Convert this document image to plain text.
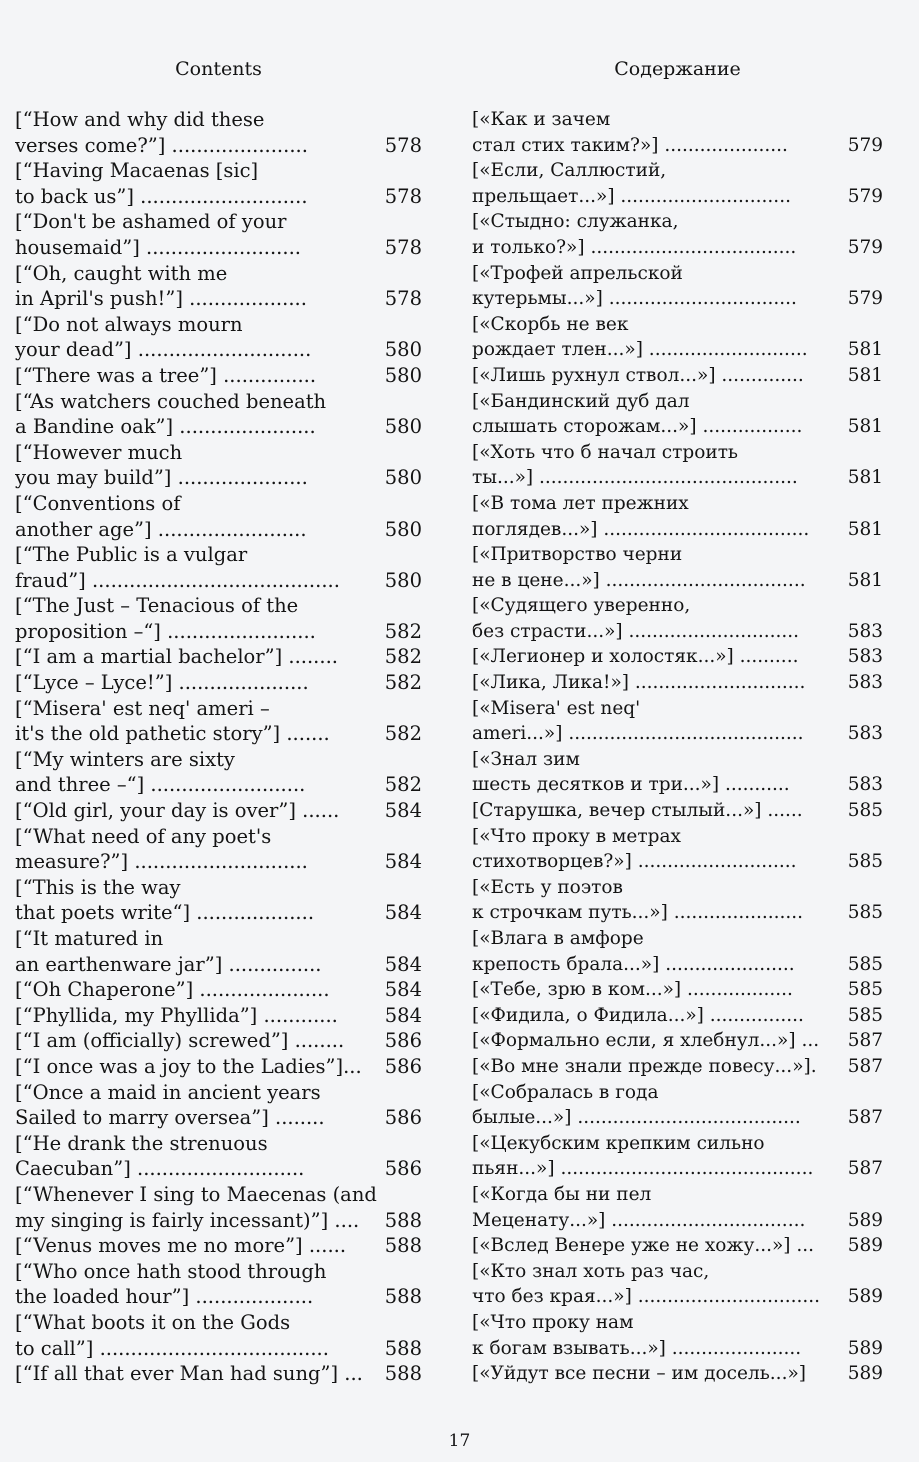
Contents
[“How and why did these
verses come?”] ......................	578
[“Having Macaenas [sic]
to back us”] ...........................	578
[“Don't be ashamed of your
housemaid”] .........................	578
[“Oh, caught with me
in April's push!”] ...................	578
[“Do not always mourn
your dead”] ............................	580
[“There was a tree”] ...............	580
[“As watchers couched beneath
a Bandine oak”] ......................	580
[“However much
you may build”] .....................	580
[“Conventions of
another age”] ........................	580
[“The Public is a vulgar
fraud”] ........................................ 580
[“The Just – Tenacious of the
proposition –“] ........................	582
[“I am a martial bachelor”] ........ 582
[“Lyce – Lyce!”] .....................	582
[“Misera' est neq' ameri –
it's the old pathetic story”] .......	582
[“My winters are sixty
and three –“] .........................	582
[“Old girl, your day is over”] ...... 584
[“What need of any poet's
measure?”] ............................	584
[“This is the way
that poets write“] ...................	584
[“It matured in
an earthenware jar”] ...............	584
[“Oh Chaperone”] .....................	584
[“Phyllida, my Phyllida”] ............ 584
[“I am (officially) screwed”] ........ 586
[“I once was a joy to the Ladies”]... 586
[“Once a maid in ancient years
Sailed to marry oversea”] ........	586
[“He drank the strenuous
Caecuban”] ...........................	586
[“Whenever I sing to Maecenas (and
my singing is fairly incessant)”] .... 588
[“Venus moves me no more”] ...... 588
[“Who once hath stood through
the loaded hour”] ...................	588
[“What boots it on the Gods
to call”] .....................................	588
[“If all that ever Man had sung”] ... 588
Содержание
[«Как и зачем
стал стих таким?»] .....................	579
[«Если, Саллюстий,
прельщает...»] .............................	579
[«Стыдно: служанка,
и только?»] ...................................	579
[«Трофей апрельской
кутерьмы...»] ................................	579
[«Скорбь не век
рождает тлен...»] ........................... 581
[«Лишь рухнул ствол...»] .............. 581
[«Бандинский дуб дал
слышать сторожам...»] ................. 581
[«Хоть что б начал строить
ты...»] ............................................	581
[«В тома лет прежних
поглядев...»] ................................... 581
[«Притворство черни
не в цене...»] .................................. 581
[«Судящего уверенно,
без страсти...»] .............................	583
[«Легионер и холостяк...»] ..........	583
[«Лика, Лика!»] ............................. 583
[«Misera' est neq'
ameri...»] ........................................ 583
[«Знал зим
шесть десятков и три...»] ...........	583
[Старушка, вечер стылый...»] ...... 585
[«Что проку в метрах
стихотворцев?»] ...........................	585
[«Есть у поэтов
к строчкам путь...»] ...................... 585
[«Влага в амфоре
крепость брала...»] ......................	585
[«Тебе, зрю в ком...»] ..................	585
[«Фидила, о Фидила...»] ................ 585
[«Формально если, я хлебнул...»] ... 587
[«Во мне знали прежде повесу...»]. 587
[«Собралась в года
былые...»] ......................................	587
[«Цекубским крепким сильно
пьян...»] ........................................... 587
[«Когда бы ни пел
Меценату...»] ................................. 589
[«Вслед Венере уже не хожу...»] ... 589
[«Кто знал хоть раз час,
что без края...»] ............................... 589
[«Что проку нам
к богам взывать...»] ......................	589
[«Уйдут все песни – им досель...»] 589
17
